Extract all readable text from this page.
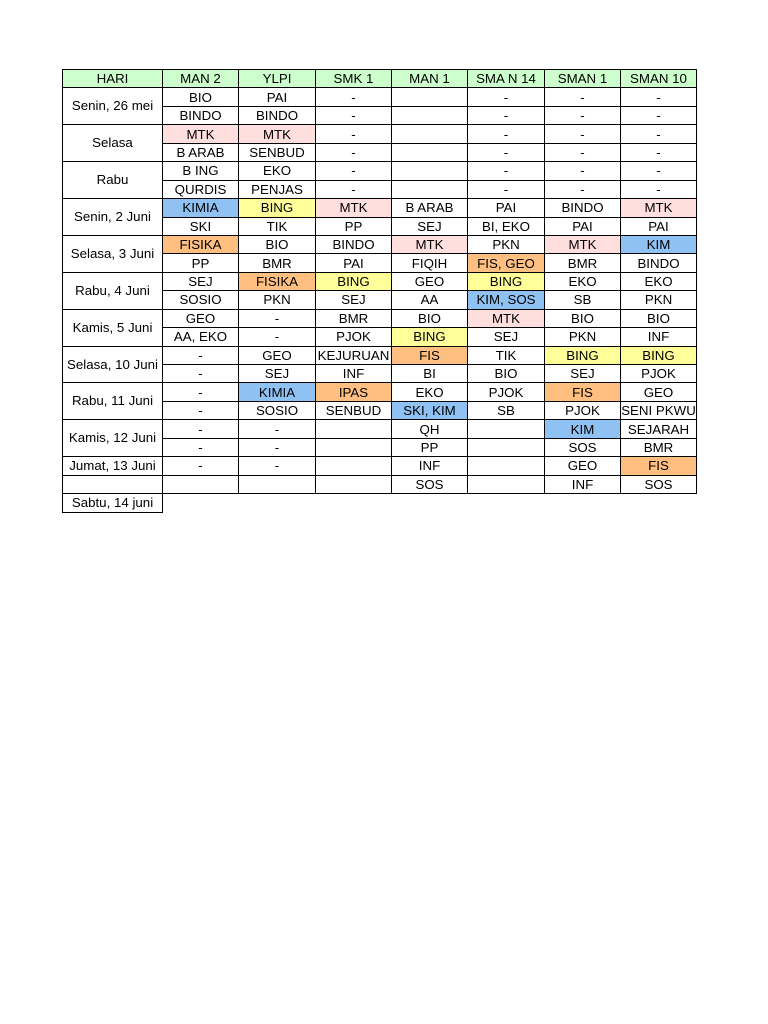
HARI	MAN 2	YLPI	SMK 1	MAN 1	SMA N 14	SMAN 1	SMAN 10
Senin, 26 mei	BIO	PAI	-		-	-	-
	BINDO	BINDO	-		-	-	-
Selasa	MTK	MTK	-		-	-	-
	B ARAB	SENBUD	-		-	-	-
Rabu	B ING	EKO	-		-	-	-
	QURDIS	PENJAS	-		-	-	-
Senin, 2 Juni	KIMIA	BING	MTK	B ARAB	PAI	BINDO	MTK
	SKI	TIK	PP	SEJ	BI, EKO	PAI	PAI
Selasa, 3 Juni	FISIKA	BIO	BINDO	MTK	PKN	MTK	KIM
	PP	BMR	PAI	FIQIH	FIS, GEO	BMR	BINDO
Rabu, 4 Juni	SEJ	FISIKA	BING	GEO	BING	EKO	EKO
	SOSIO	PKN	SEJ	AA	KIM, SOS	SB	PKN
Kamis, 5 Juni	GEO	-	BMR	BIO	MTK	BIO	BIO
	AA, EKO	-	PJOK	BING	SEJ	PKN	INF
Selasa, 10 Juni	-	GEO	KEJURUAN	FIS	TIK	BING	BING
	-	SEJ	INF	BI	BIO	SEJ	PJOK
Rabu, 11 Juni	-	KIMIA	IPAS	EKO	PJOK	FIS	GEO
	-	SOSIO	SENBUD	SKI, KIM	SB	PJOK	SENI PKWU
Kamis, 12 Juni	-	-		QH		KIM	SEJARAH
	-	-		PP		SOS	BMR
Jumat, 13 Juni	-	-		INF		GEO	FIS
				SOS		INF	SOS
Sabtu, 14 juni							
